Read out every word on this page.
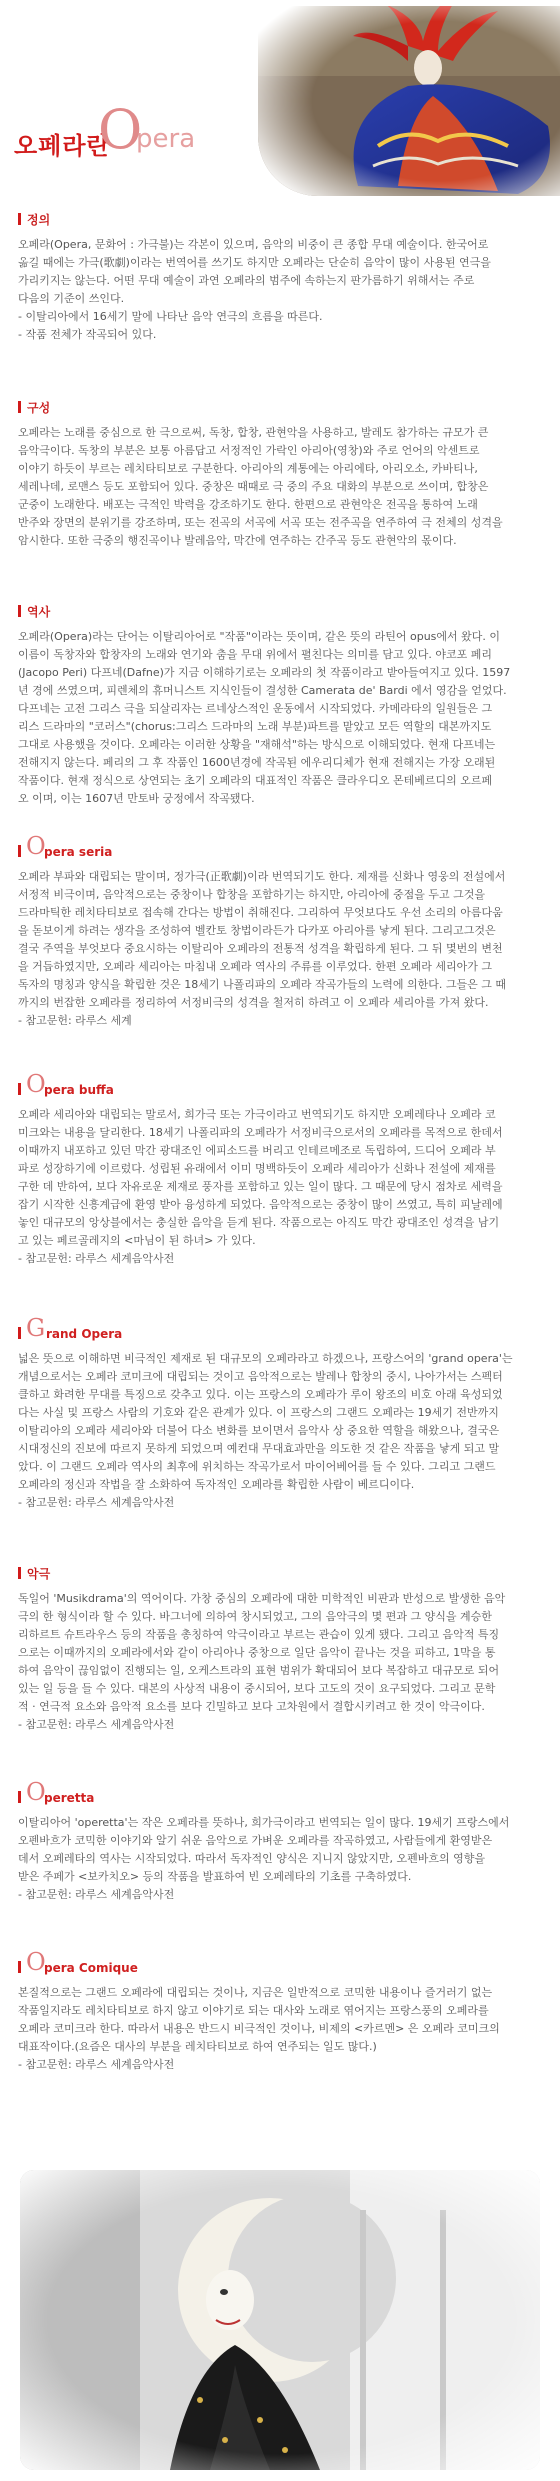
오페라란
O
pera
정의
오페라(Opera, 문화어 : 가극불)는 각본이 있으며, 음악의 비중이 큰 종합 무대 예술이다. 한국어로
옮길 때에는 가극(歌劇)이라는 번역어를 쓰기도 하지만 오페라는 단순히 음악이 많이 사용된 연극을
가리키지는 않는다. 어떤 무대 예술이 과연 오페라의 범주에 속하는지 판가름하기 위해서는 주로
다음의 기준이 쓰인다.
- 이탈리아에서 16세기 말에 나타난 음악 연극의 흐름을 따른다.
- 작품 전체가 작곡되어 있다.
구성
오페라는 노래를 중심으로 한 극으로써, 독창, 합창, 관현악을 사용하고, 발레도 참가하는 규모가 큰
음악극이다. 독창의 부분은 보통 아름답고 서정적인 가락인 아리아(영창)와 주로 언어의 악센트로
이야기 하듯이 부르는 레치타티보로 구분한다. 아리아의 계통에는 아리에타, 아리오소, 카바티나,
세레나데, 로맨스 등도 포함되어 있다. 중창은 때때로 극 중의 주요 대화의 부분으로 쓰이며, 합창은
군중이 노래한다. 배포는 극적인 박력을 강조하기도 한다. 한편으로 관현악은 전곡을 통하여 노래
반주와 장면의 분위기를 강조하며, 또는 전곡의 서곡에 서곡 또는 전주곡을 연주하여 극 전체의 성격을
암시한다. 또한 극중의 행진곡이나 발레음악, 막간에 연주하는 간주곡 등도 관현악의 몫이다.
역사
오페라(Opera)라는 단어는 이탈리아어로 "작품"이라는 뜻이며, 같은 뜻의 라틴어 opus에서 왔다. 이
이름이 독창자와 합창자의 노래와 연기와 춤을 무대 위에서 펼친다는 의미를 담고 있다. 야코포 페리
(Jacopo Peri) 다프네(Dafne)가 지금 이해하기로는 오페라의 첫 작품이라고 받아들여지고 있다. 1597
년 경에 쓰였으며, 피렌체의 휴머니스트 지식인들이 결성한 Camerata de' Bardi 에서 영감을 얻었다.
다프네는 고전 그리스 극을 되살리자는 르네상스적인 운동에서 시작되었다. 카메라타의 일원들은 그
리스 드라마의 "코러스"(chorus:그리스 드라마의 노래 부분)파트를 맡았고 모든 역할의 대본까지도
그대로 사용했을 것이다. 오페라는 이러한 상황을 "재해석"하는 방식으로 이해되었다. 현재 다프네는
전해지지 않는다. 페리의 그 후 작품인 1600년경에 작곡된 에우리디체가 현재 전해지는 가장 오래된
작품이다. 현재 정식으로 상연되는 초기 오페라의 대표적인 작품은 클라우디오 몬테베르디의 오르페
오 이며, 이는 1607년 만토바 궁정에서 작곡됐다.
O
pera seria
오페라 부파와 대립되는 말이며, 정가극(正歌劇)이라 번역되기도 한다. 제재를 신화나 영웅의 전설에서
서정적 비극이며, 음악적으로는 중창이나 합창을 포함하기는 하지만, 아리아에 중점을 두고 그것을
드라마틱한 레치타티보로 접속해 간다는 방법이 취해진다. 그리하여 무엇보다도 우선 소리의 아름다움
을 돋보이게 하려는 생각을 조성하여 벨칸토 창법이라든가 다카포 아리아를 낳게 된다. 그리고그것은
결국 주역을 부엇보다 중요시하는 이탈리아 오페라의 전통적 성격을 확립하게 된다. 그 뒤 몇번의 변천
을 거듭하였지만, 오페라 세리아는 마침내 오페라 역사의 주류를 이루었다. 한편 오페라 세리아가 그
독자의 명칭과 양식을 확립한 것은 18세기 나폴리파의 오페라 작곡가들의 노력에 의한다. 그들은 그 때
까지의 번잡한 오페라를 정리하여 서정비극의 성격을 철저히 하려고 이 오페라 세리아를 가져 왔다.
- 참고문헌: 라루스 세계
O
pera buffa
오페라 세리아와 대립되는 말로서, 희가극 또는 가극이라고 번역되기도 하지만 오페레타나 오페라 코
미크와는 내용을 달리한다. 18세기 나폴리파의 오페라가 서정비극으로서의 오페라를 목적으로 한데서
이때까지 내포하고 있던 막간 광대조인 에피소드를 버리고 인테르메조로 독립하여, 드디어 오페라 부
파로 성장하기에 이르렀다. 성립된 유래에서 이미 명백하듯이 오페라 세리아가 신화나 전설에 제재를
구한 데 반하여, 보다 자유로운 제재로 풍자를 포함하고 있는 일이 많다. 그 때문에 당시 점차로 세력을
잡기 시작한 신흥계급에 환영 받아 융성하게 되었다. 음악적으로는 중창이 많이 쓰였고, 특히 피날레에
놓인 대규모의 앙상블에서는 충실한 음악을 듣게 된다. 작품으로는 아직도 막간 광대조인 성격을 남기
고 있는 페르골레지의 <마님이 된 하녀> 가 있다.
- 참고문헌: 라루스 세계음악사전
G rand Opera
넓은 뜻으로 이해하면 비극적인 제재로 된 대규모의 오페라라고 하겠으나, 프랑스어의 'grand opera'는
개념으로서는 오페라 코미크에 대립되는 것이고 음악적으로는 발레나 합창의 중시, 나아가서는 스펙터
클하고 화려한 무대를 특징으로 갖추고 있다. 이는 프랑스의 오페라가 루이 왕조의 비호 아래 육성되었
다는 사실 및 프랑스 사람의 기호와 같은 관계가 있다. 이 프랑스의 그랜드 오페라는 19세기 전반까지
이탈리아의 오페라 세리아와 더불어 다소 변화를 보이면서 음악사 상 중요한 역할을 해왔으나, 결국은
시대정신의 진보에 따르지 못하게 되었으며 예컨대 무대효과만을 의도한 것 같은 작품을 낳게 되고 말
았다. 이 그랜드 오페라 역사의 최후에 위치하는 작곡가로서 마이어베어를 들 수 있다. 그리고 그랜드
오페라의 정신과 작법을 잘 소화하여 독자적인 오페라를 확립한 사람이 베르디이다.
- 참고문헌: 라루스 세계음악사전
악극
독일어 'Musikdrama'의 역어이다. 가창 중심의 오페라에 대한 미학적인 비판과 반성으로 발생한 음악
극의 한 형식이라 할 수 있다. 바그너에 의하여 창시되었고, 그의 음악극의 몇 편과 그 양식을 계승한
리하르트 슈트라우스 등의 작품을 총칭하여 악극이라고 부르는 관습이 있게 됐다. 그리고 음악적 특징
으로는 이때까지의 오페라에서와 같이 아리아나 중창으로 일단 음악이 끝나는 것을 피하고, 1막을 통
하여 음악이 끊임없이 진행되는 일, 오케스트라의 표현 범위가 확대되어 보다 복잡하고 대규모로 되어
있는 일 등을 들 수 있다. 대본의 사상적 내용이 중시되어, 보다 고도의 것이 요구되었다. 그리고 문학
적 · 연극적 요소와 음악적 요소를 보다 긴밀하고 보다 고차원에서 결합시키려고 한 것이 악극이다.
- 참고문헌: 라루스 세계음악사전
O
peretta
이탈리아어 'operetta'는 작은 오페라를 뜻하나, 희가극이라고 번역되는 일이 많다. 19세기 프랑스에서
오펜바흐가 코믹한 이야기와 알기 쉬운 음악으로 가벼운 오페라를 작곡하였고, 사람들에게 환영받은
데서 오페레타의 역사는 시작되었다. 따라서 독자적인 양식은 지니지 않았지만, 오펜바흐의 영향을
받은 주페가 <보카치오> 등의 작품을 발표하여 빈 오페레타의 기초를 구축하였다.
- 참고문헌: 라루스 세계음악사전
O
pera Comique
본질적으로는 그랜드 오페라에 대립되는 것이나, 지금은 일반적으로 코믹한 내용이나 즐거러기 없는
작품일지라도 레치타티보로 하지 않고 이야기로 되는 대사와 노래로 엮어지는 프랑스풍의 오페라를
오페라 코미크라 한다. 따라서 내용은 반드시 비극적인 것이나, 비제의 <카르멘> 은 오페라 코미크의
대표작이다.(요즘은 대사의 부분을 레치타티보로 하여 연주되는 일도 많다.)
- 참고문헌: 라루스 세계음악사전
